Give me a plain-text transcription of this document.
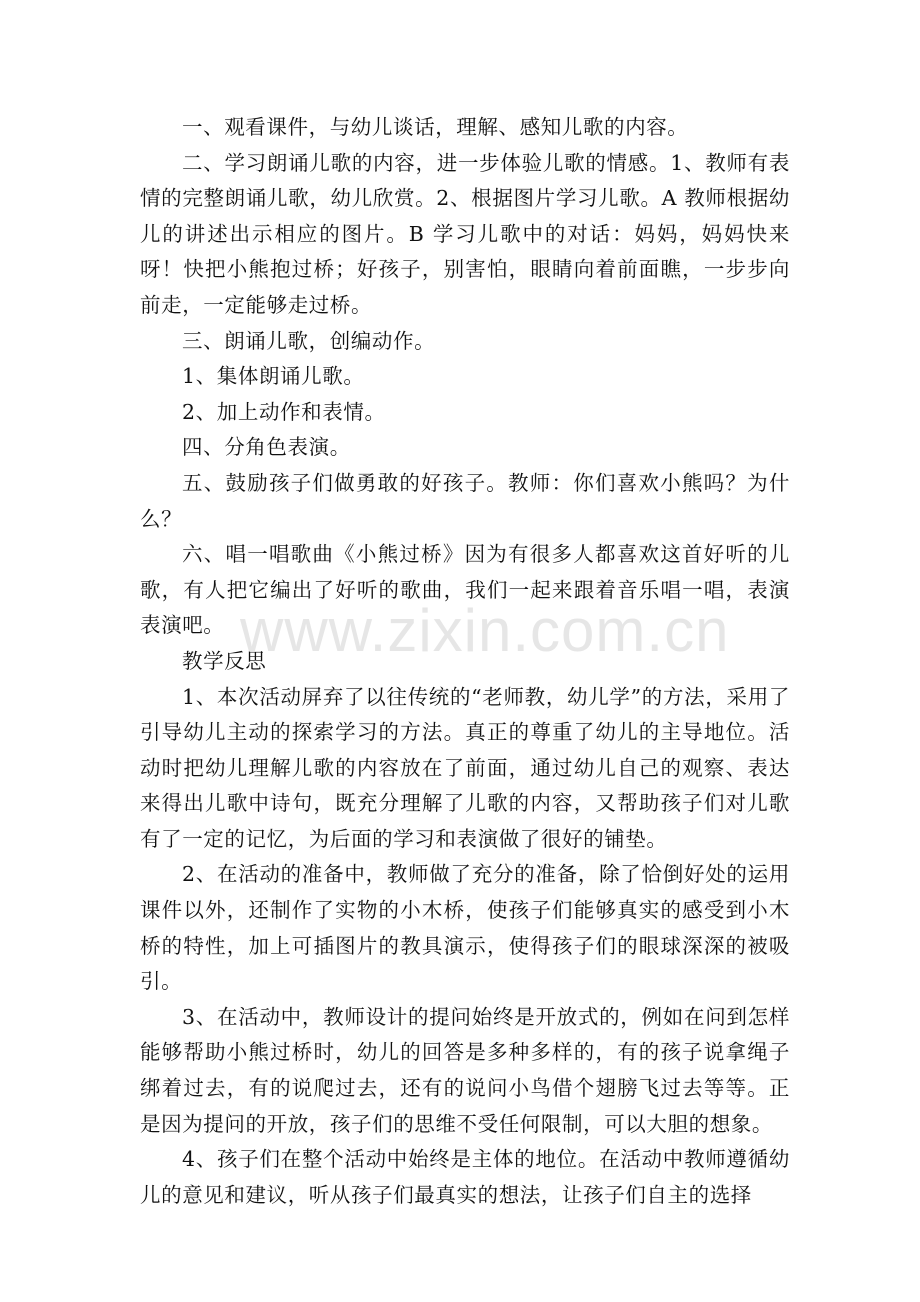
www.zixin.com.cn

一、观看课件，与幼儿谈话，理解、感知儿歌的内容。

二、学习朗诵儿歌的内容，进一步体验儿歌的情感。1、教师有表情的完整朗诵儿歌，幼儿欣赏。2、根据图片学习儿歌。A 教师根据幼儿的讲述出示相应的图片。B 学习儿歌中的对话：妈妈，妈妈快来呀！快把小熊抱过桥；好孩子，别害怕，眼睛向着前面瞧，一步步向前走，一定能够走过桥。

三、朗诵儿歌，创编动作。

1、集体朗诵儿歌。

2、加上动作和表情。

四、分角色表演。

五、鼓励孩子们做勇敢的好孩子。教师：你们喜欢小熊吗？为什么？

六、唱一唱歌曲《小熊过桥》因为有很多人都喜欢这首好听的儿歌，有人把它编出了好听的歌曲，我们一起来跟着音乐唱一唱，表演表演吧。

教学反思

1、本次活动屏弃了以往传统的“老师教，幼儿学”的方法，采用了引导幼儿主动的探索学习的方法。真正的尊重了幼儿的主导地位。活动时把幼儿理解儿歌的内容放在了前面，通过幼儿自己的观察、表达来得出儿歌中诗句，既充分理解了儿歌的内容，又帮助孩子们对儿歌有了一定的记忆，为后面的学习和表演做了很好的铺垫。

2、在活动的准备中，教师做了充分的准备，除了恰倒好处的运用课件以外，还制作了实物的小木桥，使孩子们能够真实的感受到小木桥的特性，加上可插图片的教具演示，使得孩子们的眼球深深的被吸引。

3、在活动中，教师设计的提问始终是开放式的，例如在问到怎样能够帮助小熊过桥时，幼儿的回答是多种多样的，有的孩子说拿绳子绑着过去，有的说爬过去，还有的说问小鸟借个翅膀飞过去等等。正是因为提问的开放，孩子们的思维不受任何限制，可以大胆的想象。

4、孩子们在整个活动中始终是主体的地位。在活动中教师遵循幼儿的意见和建议，听从孩子们最真实的想法，让孩子们自主的选择
